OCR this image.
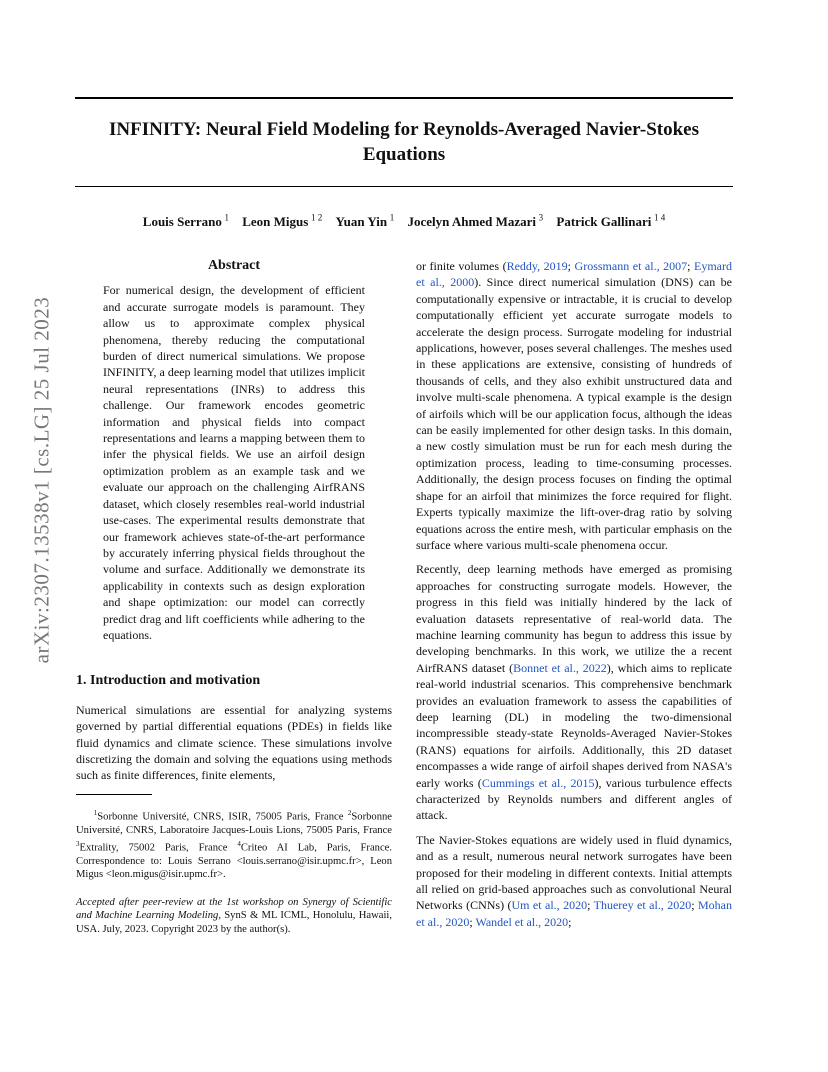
INFINITY: Neural Field Modeling for Reynolds-Averaged Navier-Stokes Equations
Louis Serrano  $^1$ Leon Migus  $^{1 2}$ Yuan Yin  $^1$ Jocelyn Ahmed Mazari  $^3$ Patrick Gallinari  $^{1 4}$
arXiv:2307.13538v1 [cs.LG] 25 Jul 2023
Abstract

For numerical design, the development of efficient and accurate surrogate models is paramount. They allow us to approximate complex physical phenomena, thereby reducing the computational burden of direct numerical simulations. We propose INFINITY, a deep learning model that utilizes implicit neural representations (INRs) to address this challenge. Our framework encodes geometric information and physical fields into compact representations and learns a mapping between them to infer the physical fields. We use an airfoil design optimization problem as an example task and we evaluate our approach on the challenging AirfRANS dataset, which closely resembles real-world industrial use-cases. The experimental results demonstrate that our framework achieves state-of-the-art performance by accurately inferring physical fields throughout the volume and surface. Additionally we demonstrate its applicability in contexts such as design exploration and shape optimization: our model can correctly predict drag and lift coefficients while adhering to the equations.

1. Introduction and motivation

Numerical simulations are essential for analyzing systems governed by partial differential equations (PDEs) in fields like fluid dynamics and climate science. These simulations involve discretizing the domain and solving the equations using methods such as finite differences, finite elements,

$^1$Sorbonne Université, CNRS, ISIR, 75005 Paris, France $^2$Sorbonne Université, CNRS, Laboratoire Jacques-Louis Lions, 75005 Paris, France $^3$Extrality, 75002 Paris, France $^4$Criteo AI Lab, Paris, France. Correspondence to: Louis Serrano <louis.serrano@isir.upmc.fr>, Leon Migus <leon.migus@isir.upmc.fr>.

Accepted after peer-review at the 1st workshop on Synergy of Scientific and Machine Learning Modeling, SynS & ML ICML, Honolulu, Hawaii, USA. July, 2023. Copyright 2023 by the author(s).

or finite volumes (Reddy, 2019; Grossmann et al., 2007; Eymard et al., 2000). Since direct numerical simulation (DNS) can be computationally expensive or intractable, it is crucial to develop computationally efficient yet accurate surrogate models to accelerate the design process. Surrogate modeling for industrial applications, however, poses several challenges. The meshes used in these applications are extensive, consisting of hundreds of thousands of cells, and they also exhibit unstructured data and involve multi-scale phenomena. A typical example is the design of airfoils which will be our application focus, although the ideas can be easily implemented for other design tasks. In this domain, a new costly simulation must be run for each mesh during the optimization process, leading to time-consuming processes. Additionally, the design process focuses on finding the optimal shape for an airfoil that minimizes the force required for flight. Experts typically maximize the lift-over-drag ratio by solving equations across the entire mesh, with particular emphasis on the surface where various multi-scale phenomena occur.

Recently, deep learning methods have emerged as promising approaches for constructing surrogate models. However, the progress in this field was initially hindered by the lack of evaluation datasets representative of real-world data. The machine learning community has begun to address this issue by developing benchmarks. In this work, we utilize the a recent AirfRANS dataset (Bonnet et al., 2022), which aims to replicate real-world industrial scenarios. This comprehensive benchmark provides an evaluation framework to assess the capabilities of deep learning (DL) in modeling the two-dimensional incompressible steady-state Reynolds-Averaged Navier-Stokes (RANS) equations for airfoils. Additionally, this 2D dataset encompasses a wide range of airfoil shapes derived from NASA's early works (Cummings et al., 2015), various turbulence effects characterized by Reynolds numbers and different angles of attack.

The Navier-Stokes equations are widely used in fluid dynamics, and as a result, numerous neural network surrogates have been proposed for their modeling in different contexts. Initial attempts all relied on grid-based approaches such as convolutional Neural Networks (CNNs) (Um et al., 2020; Thuerey et al., 2020; Mohan et al., 2020; Wandel et al., 2020;
